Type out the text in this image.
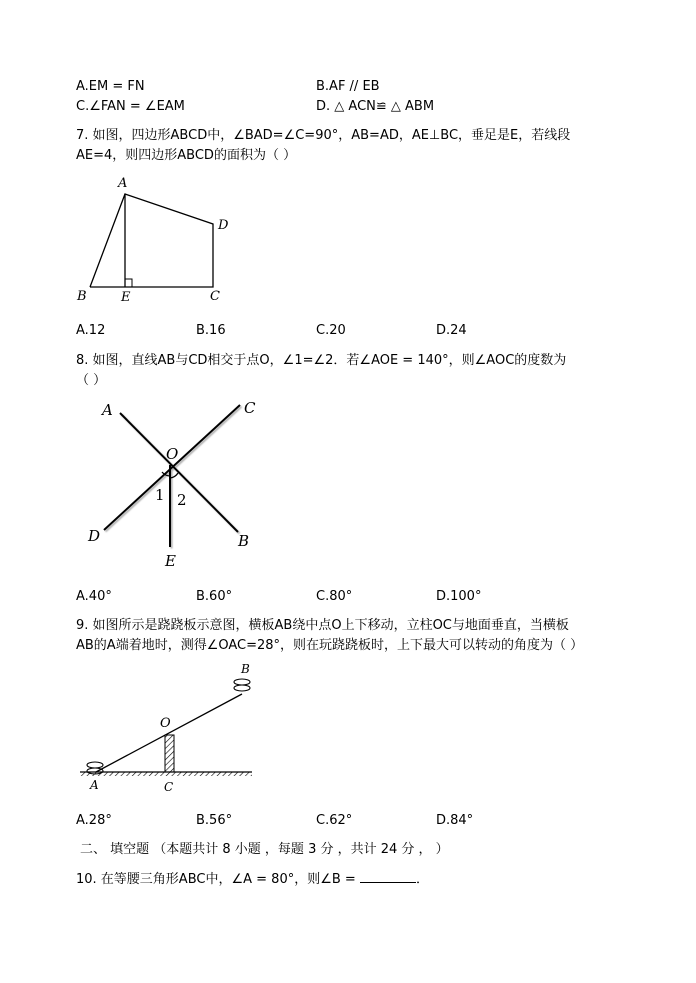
A.EM = FN	B.AF // EB
C.∠FAN = ∠EAM	D. △ ACN≌ △ ABM
7. 如图，四边形ABCD中，∠BAD=∠C=90°，AB=AD，AE⊥BC，垂足是E，若线段
AE=4，则四边形ABCD的面积为（ ）
A
D
B	E	C
A.12	B.16	C.20	D.24
8. 如图，直线AB与CD相交于点O，∠1=∠2．若∠AOE = 140°，则∠AOC的度数为
（ ）
A	C
O
1 2
D	B
E
A.40°	B.60°	C.80°	D.100°
9. 如图所示是跷跷板示意图，横板AB绕中点O上下移动，立柱OC与地面垂直，当横板
AB的A端着地时，测得∠OAC=28°，则在玩跷跷板时，上下最大可以转动的角度为（ ）
B
O
A	C
A.28°	B.56°	C.62°	D.84°
二、 填空题 （本题共计 8 小题 ，每题 3 分 ，共计 24 分 ， ）
10. 在等腰三角形ABC中，∠A = 80°，则∠B =	．
